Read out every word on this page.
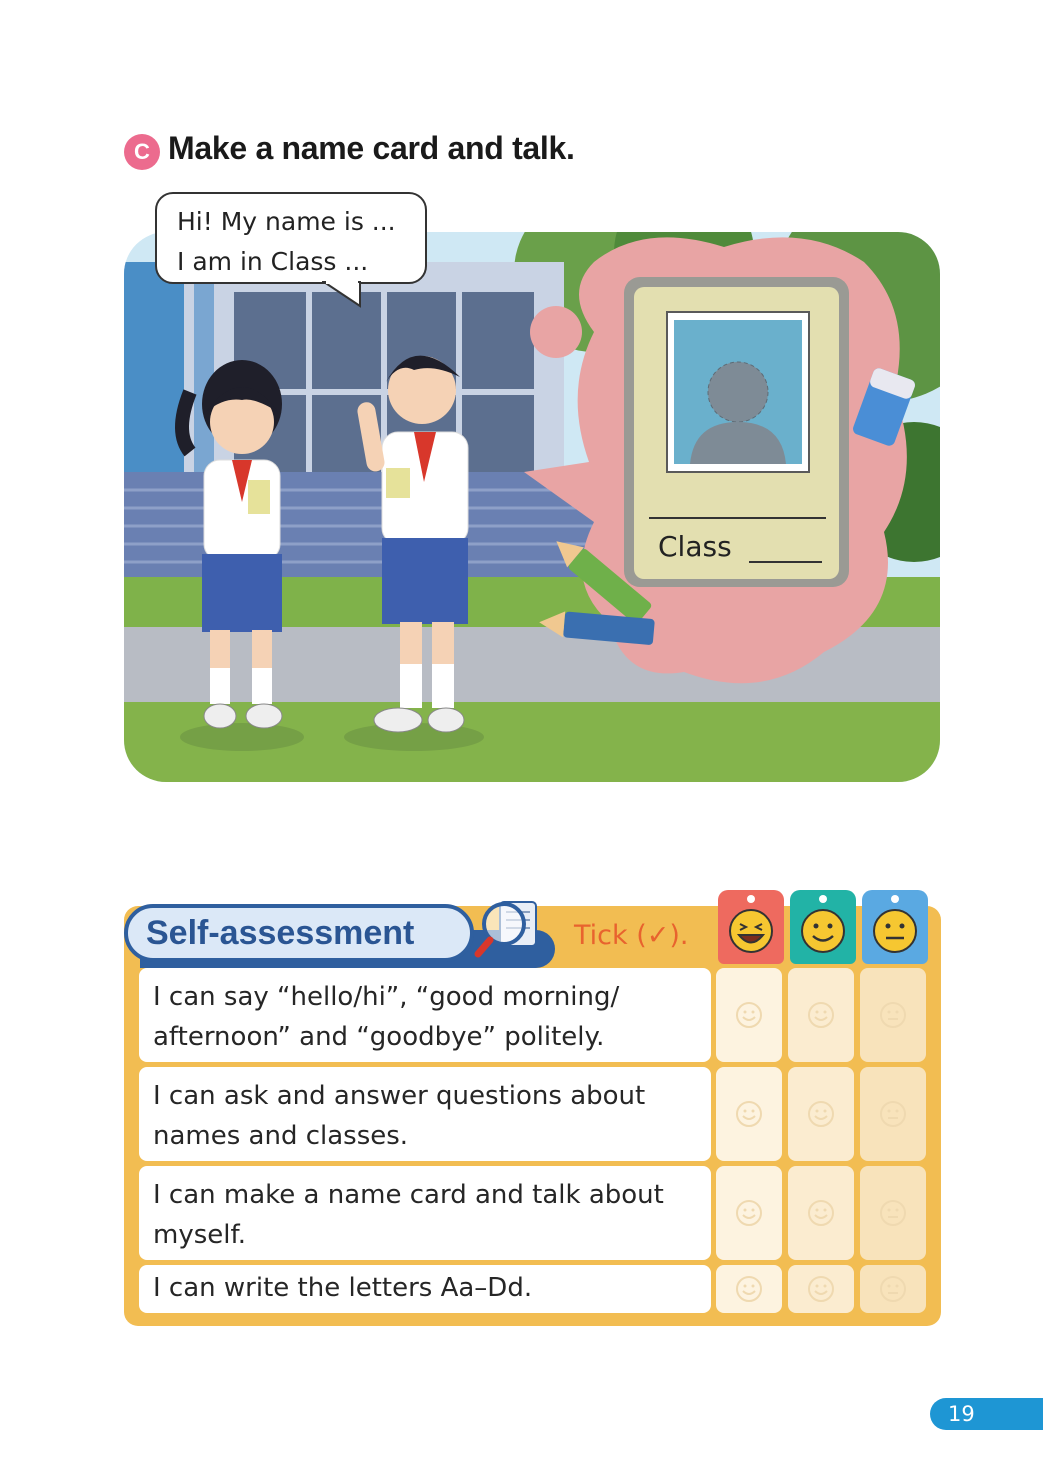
C Make a name card and talk.
Hi! My name is ...
I am in Class ...
Class
Self-assessment	Tick (✓).
I can say “hello/hi”, “good morning/
afternoon” and “goodbye” politely.
I can ask and answer questions about
names and classes.
I can make a name card and talk about
myself.
I can write the letters Aa–Dd.
19
